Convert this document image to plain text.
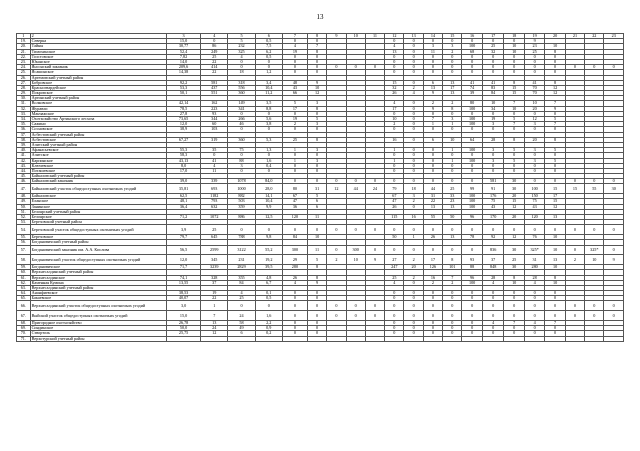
13
1	2	3	4	5	6	7	8	9	10	11	12	13	14	15	16	17	18	19	20	21	22	23
19.	Северка	15,0	0	5	0,5	0	0				0	0	0	0	0	0	0	9				
20.	Тайны	30,77	86	232	7,5	4	7				4	0	3	3	100	25	10	23	10			
21.	Тимохинское	52,4	249	325	6,2	19	8				13	0	11	2	68	32	10	25	8			
22.	Толстовское	7,82	25	4	0,5	0	0				0	0	0	0	0	0	0	0	0			
23.	Юканское	14,0	22	0	0	0	0				0	0	0	0	0	0	0	0	0			
24.	Янсонский заказник	209,6	414	0	0	0	0	0	0	0	0	0	0	0	0	0	0	0	0	0	0	0
25.	Ясашинское	14,38	22	18	1,2	0	0				0	0	0	0	0	0	0	0	0			
26.	Артемовский учетный район																					
27.	Бобровское	92,2	581	318	3,4	48	9				15	0	6	13	41	41	8	41	8			
28.	Красногвардейское	53,3	437	556	10,4	43	10				32	2	13	17	74	83	15	70	12			
29.	Покровское	50,1	551	360	11,2	66	12				26	4	9	13	39	84	15	70	12			
30.	Артинский учетный район																					
31.	Волковское	42,14	162	149	3,5	5	3				4	0	2	2	80	10	7	10	7			
32.	Журавли	78,5	223	341	8,8	17	8				17	0	9	8	100	34	10	20	9			
33.	Манчажское	27,8	93	0	0	0	0				0	0	0	0	0	0	0	0	0			
34.	Охотхозяйство Артинского лесхоза	73,65	344	266	5,6	19	5				10	0	7	3	100	19	5	12	5			
35.	Сажино	12,0	60	46	3,8	2	3				2	0	1	1	100	3	7	3	7			
36.	Сосновское	38,9	103	0	0	0	0				0	0	0	0	0	0	0	0	0			
37.	Асбестовский учетный район																					
38.	Асбестовское	67,27	319	360	5,3	25	8				16	0	6	10	64	28	8	20	8			
39.	Ачитский учетный район																					
40.	Афанасьевское	55,3	35	75	1,3	1	3				1	0	0	1	100	3	5	3	5			
41.	Ачитское	58,3	0	0	0	0	0				0	0	0	0	0	0	0	0	0			
42.	Карпинское	43,13	41	88	1,6	1	3				1	0	0	1	100	3	5	3	5			
43.	Ключевское	8,0	4	3	0,4	0	0				0	0	0	0	0	0	0	0	0			
44.	Поташевское	17,0	11	0	0	0	0				0	0	0	0	0	0	0	0	0			
45.	Байкаловский учетный район																					
46.	Байкаловский заказник	39,0	339	1078	84,0	0	0	0	0	0	0	0	0	0	0	581	30	0	0	0	0	0
47.	Байкаловский участок общедоступных охотничьих угодий	35,81	693	1000	28,0	80	31	12	44	24	79	18	44	25	99	91	30	100	15	15	55	30
48.	Байкаловское	62,5	1182	882	14,1	67	5				67	3	31	33	100	176	20	150	17			
49.	Еланское	48,1	793	503	10,4	47	6				47	2	22	23	100	75	15	75	15			
50.	Занинское	36,4	632	359	9,9	36	6				26	0	13	13	100	43	12	43	12			
51.	Белоярский учетный район																					
52.	Белоярское	71,2	1072	886	12,5	120	11				115	16	55	50	96	170	20	120	13			
53.	Березовский учетный район																					
54.	Березовский участок общедоступных охотничьих угодий	3,9	25	0	0	0	0	0	0	0	0	0	0	0	0	0	0	0	0	0	0	0
55.	Березовское	79,7	645	788	9,8	84	10				50	1	26	13	78	92	12	76	10			
56.	Богдановичский учетный район																					
57.	Богдановичский заказник им. А.А. Кислова	56,5	2599	3122	55,2	300	11	0	300	0	0	0	0	0	0	836	30	325*	10	0	325*	0
58.	Богдановичский участок общедоступных охотничьих угодий	12,0	345	231	19,2	29	5	2	10	9	27	2	17	8	93	37	25	31	13	2	10	9
59.	Богдановичское	71,7	3239	2829	39,5	280	8				247	20	126	101	88	848	30	280	10			
60.	Верхнесалдинский учетный район																					
61.	Верхнесалдинское	74,1	328	355	4,8	26	8				25	2	16	7	96	28	8	28	8			
62.	Каменная Кумина	13,55	37	84	6,7	4	9				4	0	2	2	100	4	10	4	10			
63.	Верхнесалдинский учетный район																					
64.	Ананфиевское	38,53	19	4	0,1	0	0				0	0	0	0	0	0	0	0	0			
65.	Бакаевское	40,07	22	25	0,5	0	0				0	0	0	0	0	0	0	0	0			
66.	Верхнесалдинский участок общедоступных охотничьих угодий	3,0	1	0	0	0	0	0	0	0	0	0	0	0	0	0	0	0	0	0	0	0
67.	Выйский участок общедоступных охотничьих угодий	15,0	7	24	1,6	0	0	0	0	0	0	0	0	0	0	0	0	0	0	0	0	0
68.	Пригородное охотхозяйство	26,78	13	58	2,2	0	0				0	0	0	0	0	4	7	4	7			
69.	Синдинское	50,0	24	49	0,9	0	0				0	0	0	0	0	0	0	0	0			
70.	Створтоль	25,75	12	6	0,2	0	0				0	0	0	0	0	0	0	0	0			
71.	Верхотурский учетный район																					
